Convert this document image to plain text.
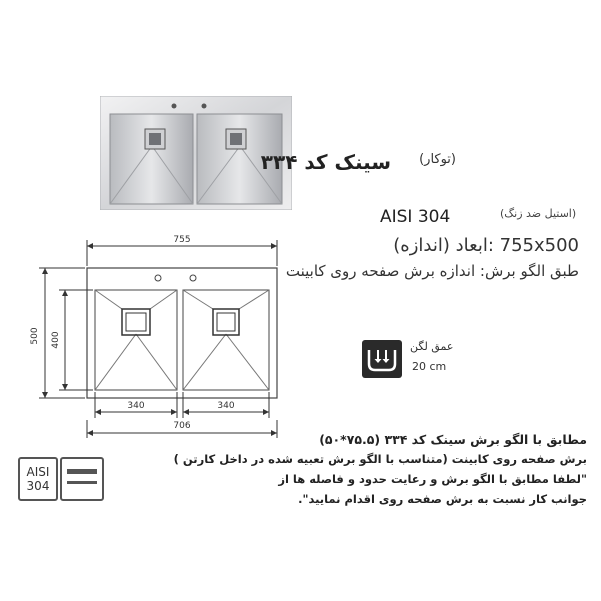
سینک کد ۳۳۴ (توکار)
AISI 304	(استیل ضد زنگ)
755x500 :ابعاد (اندازه)
طبق الگو برش: اندازه برش صفحه روی کابینت
755
500 400
340	340
706
عمق لگن
20 cm
مطابق با الگو برش سینک کد ۳۳۴ (۷۵.۵*۵۰)
برش صفحه روی کابینت (متناسب با الگو برش تعبیه شده در داخل کارتن )
"لطفا مطابق با الگو برش و رعایت حدود و فاصله ها از
جوانب کار نسبت به برش صفحه روی اقدام نمایید".
AISI
304
